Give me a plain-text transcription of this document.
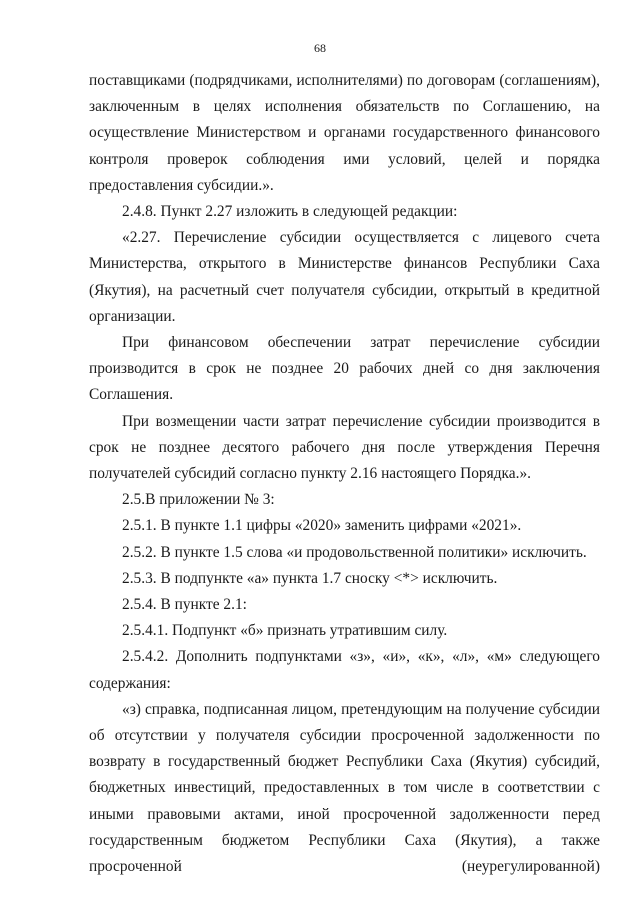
68

поставщиками (подрядчиками, исполнителями) по договорам (соглашениям), заключенным в целях исполнения обязательств по Соглашению, на осуществление Министерством и органами государственного финансового контроля проверок соблюдения ими условий, целей и порядка предоставления субсидии.».

2.4.8. Пункт 2.27 изложить в следующей редакции:

«2.27. Перечисление субсидии осуществляется с лицевого счета Министерства, открытого в Министерстве финансов Республики Саха (Якутия), на расчетный счет получателя субсидии, открытый в кредитной организации.

При финансовом обеспечении затрат перечисление субсидии производится в срок не позднее 20 рабочих дней со дня заключения Соглашения.

При возмещении части затрат перечисление субсидии производится в срок не позднее десятого рабочего дня после утверждения Перечня получателей субсидий согласно пункту 2.16 настоящего Порядка.».

2.5.В приложении № 3:

2.5.1. В пункте 1.1 цифры «2020» заменить цифрами «2021».

2.5.2. В пункте 1.5 слова «и продовольственной политики» исключить.

2.5.3. В подпункте «а» пункта 1.7 сноску <*> исключить.

2.5.4. В пункте 2.1:

2.5.4.1. Подпункт «б» признать утратившим силу.

2.5.4.2. Дополнить подпунктами «з», «и», «к», «л», «м» следующего содержания:

«з) справка, подписанная лицом, претендующим на получение субсидии об отсутствии у получателя субсидии просроченной задолженности по возврату в государственный бюджет Республики Саха (Якутия) субсидий, бюджетных инвестиций, предоставленных в том числе в соответствии с иными правовыми актами, иной просроченной задолженности перед государственным бюджетом Республики Саха (Якутия), а также просроченной (неурегулированной)
